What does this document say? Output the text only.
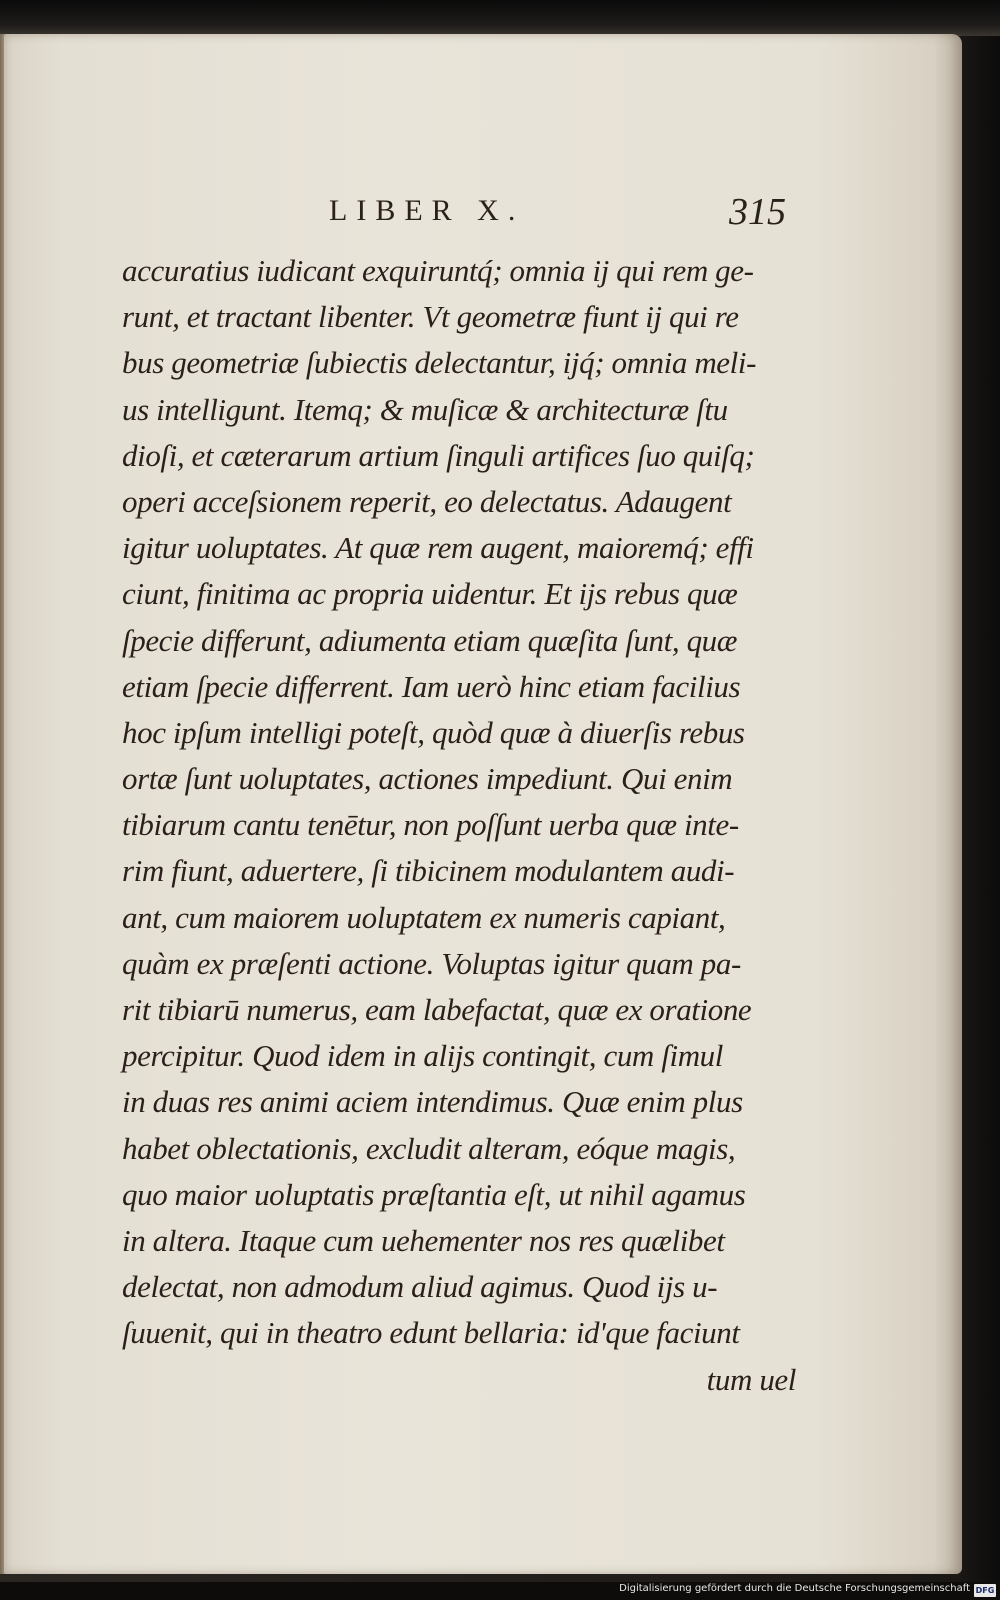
LIBER X.	315
accuratius iudicant exquiruntq́; omnia ij qui rem ge-
runt, et tractant libenter. Vt geometræ fiunt ij qui re
bus geometriæ ſubiectis delectantur, ijq́; omnia meli-
us intelligunt. Itemq; & muſicæ & architecturæ ſtu
dioſi, et cæterarum artium ſinguli artifices ſuo quiſq;
operi acceſsionem reperit, eo delectatus. Adaugent
igitur uoluptates. At quæ rem augent, maioremq́; effi
ciunt, finitima ac propria uidentur. Et ijs rebus quæ
ſpecie differunt, adiumenta etiam quæſita ſunt, quæ
etiam ſpecie differrent. Iam uerò hinc etiam facilius
hoc ipſum intelligi poteſt, quòd quæ à diuerſis rebus
ortæ ſunt uoluptates, actiones impediunt. Qui enim
tibiarum cantu tenētur, non poſſunt uerba quæ inte-
rim fiunt, aduertere, ſi tibicinem modulantem audi-
ant, cum maiorem uoluptatem ex numeris capiant,
quàm ex præſenti actione. Voluptas igitur quam pa-
rit tibiarū numerus, eam labefactat, quæ ex oratione
percipitur. Quod idem in alijs contingit, cum ſimul
in duas res animi aciem intendimus. Quæ enim plus
habet oblectationis, excludit alteram, eóque magis,
quo maior uoluptatis præſtantia eſt, ut nihil agamus
in altera. Itaque cum uehementer nos res quælibet
delectat, non admodum aliud agimus. Quod ijs u-
ſuuenit, qui in theatro edunt bellaria: id'que faciunt
tum uel
Digitalisierung gefördert durch die Deutsche Forschungsgemeinschaft DFG
